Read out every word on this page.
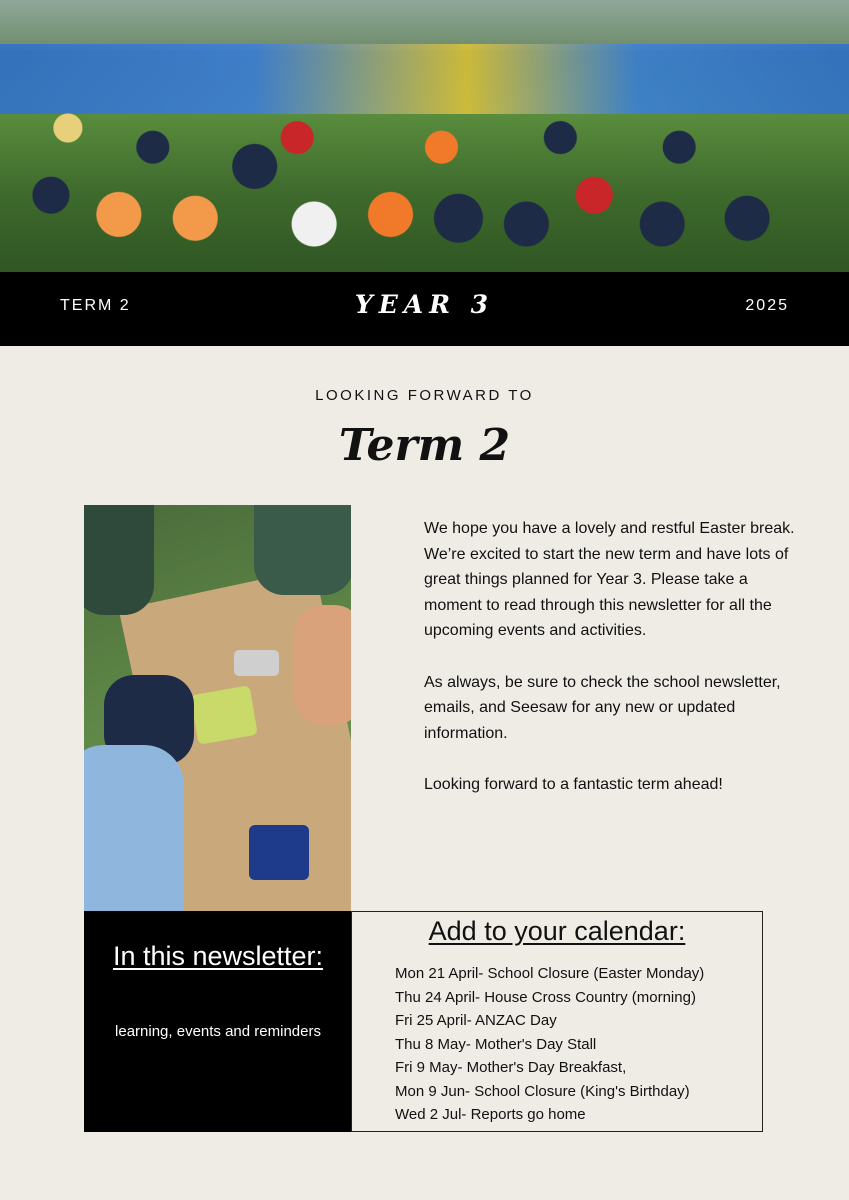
TERM 2	YEAR 3	2025
LOOKING FORWARD TO
Term 2

We hope you have a lovely and restful Easter break. We’re excited to start the new term and have lots of great things planned for Year 3. Please take a moment to read through this newsletter for all the upcoming events and activities.

As always, be sure to check the school newsletter, emails, and Seesaw for any new or updated information.

Looking forward to a fantastic term ahead!

In this newsletter:
learning, events and reminders
Add to your calendar:
Mon 21 April- School Closure (Easter Monday)
Thu 24 April- House Cross Country (morning)
Fri 25 April- ANZAC Day
Thu 8 May- Mother's Day Stall
Fri 9 May- Mother's Day Breakfast,
Mon 9 Jun- School Closure (King's Birthday)
Wed 2 Jul- Reports go home
